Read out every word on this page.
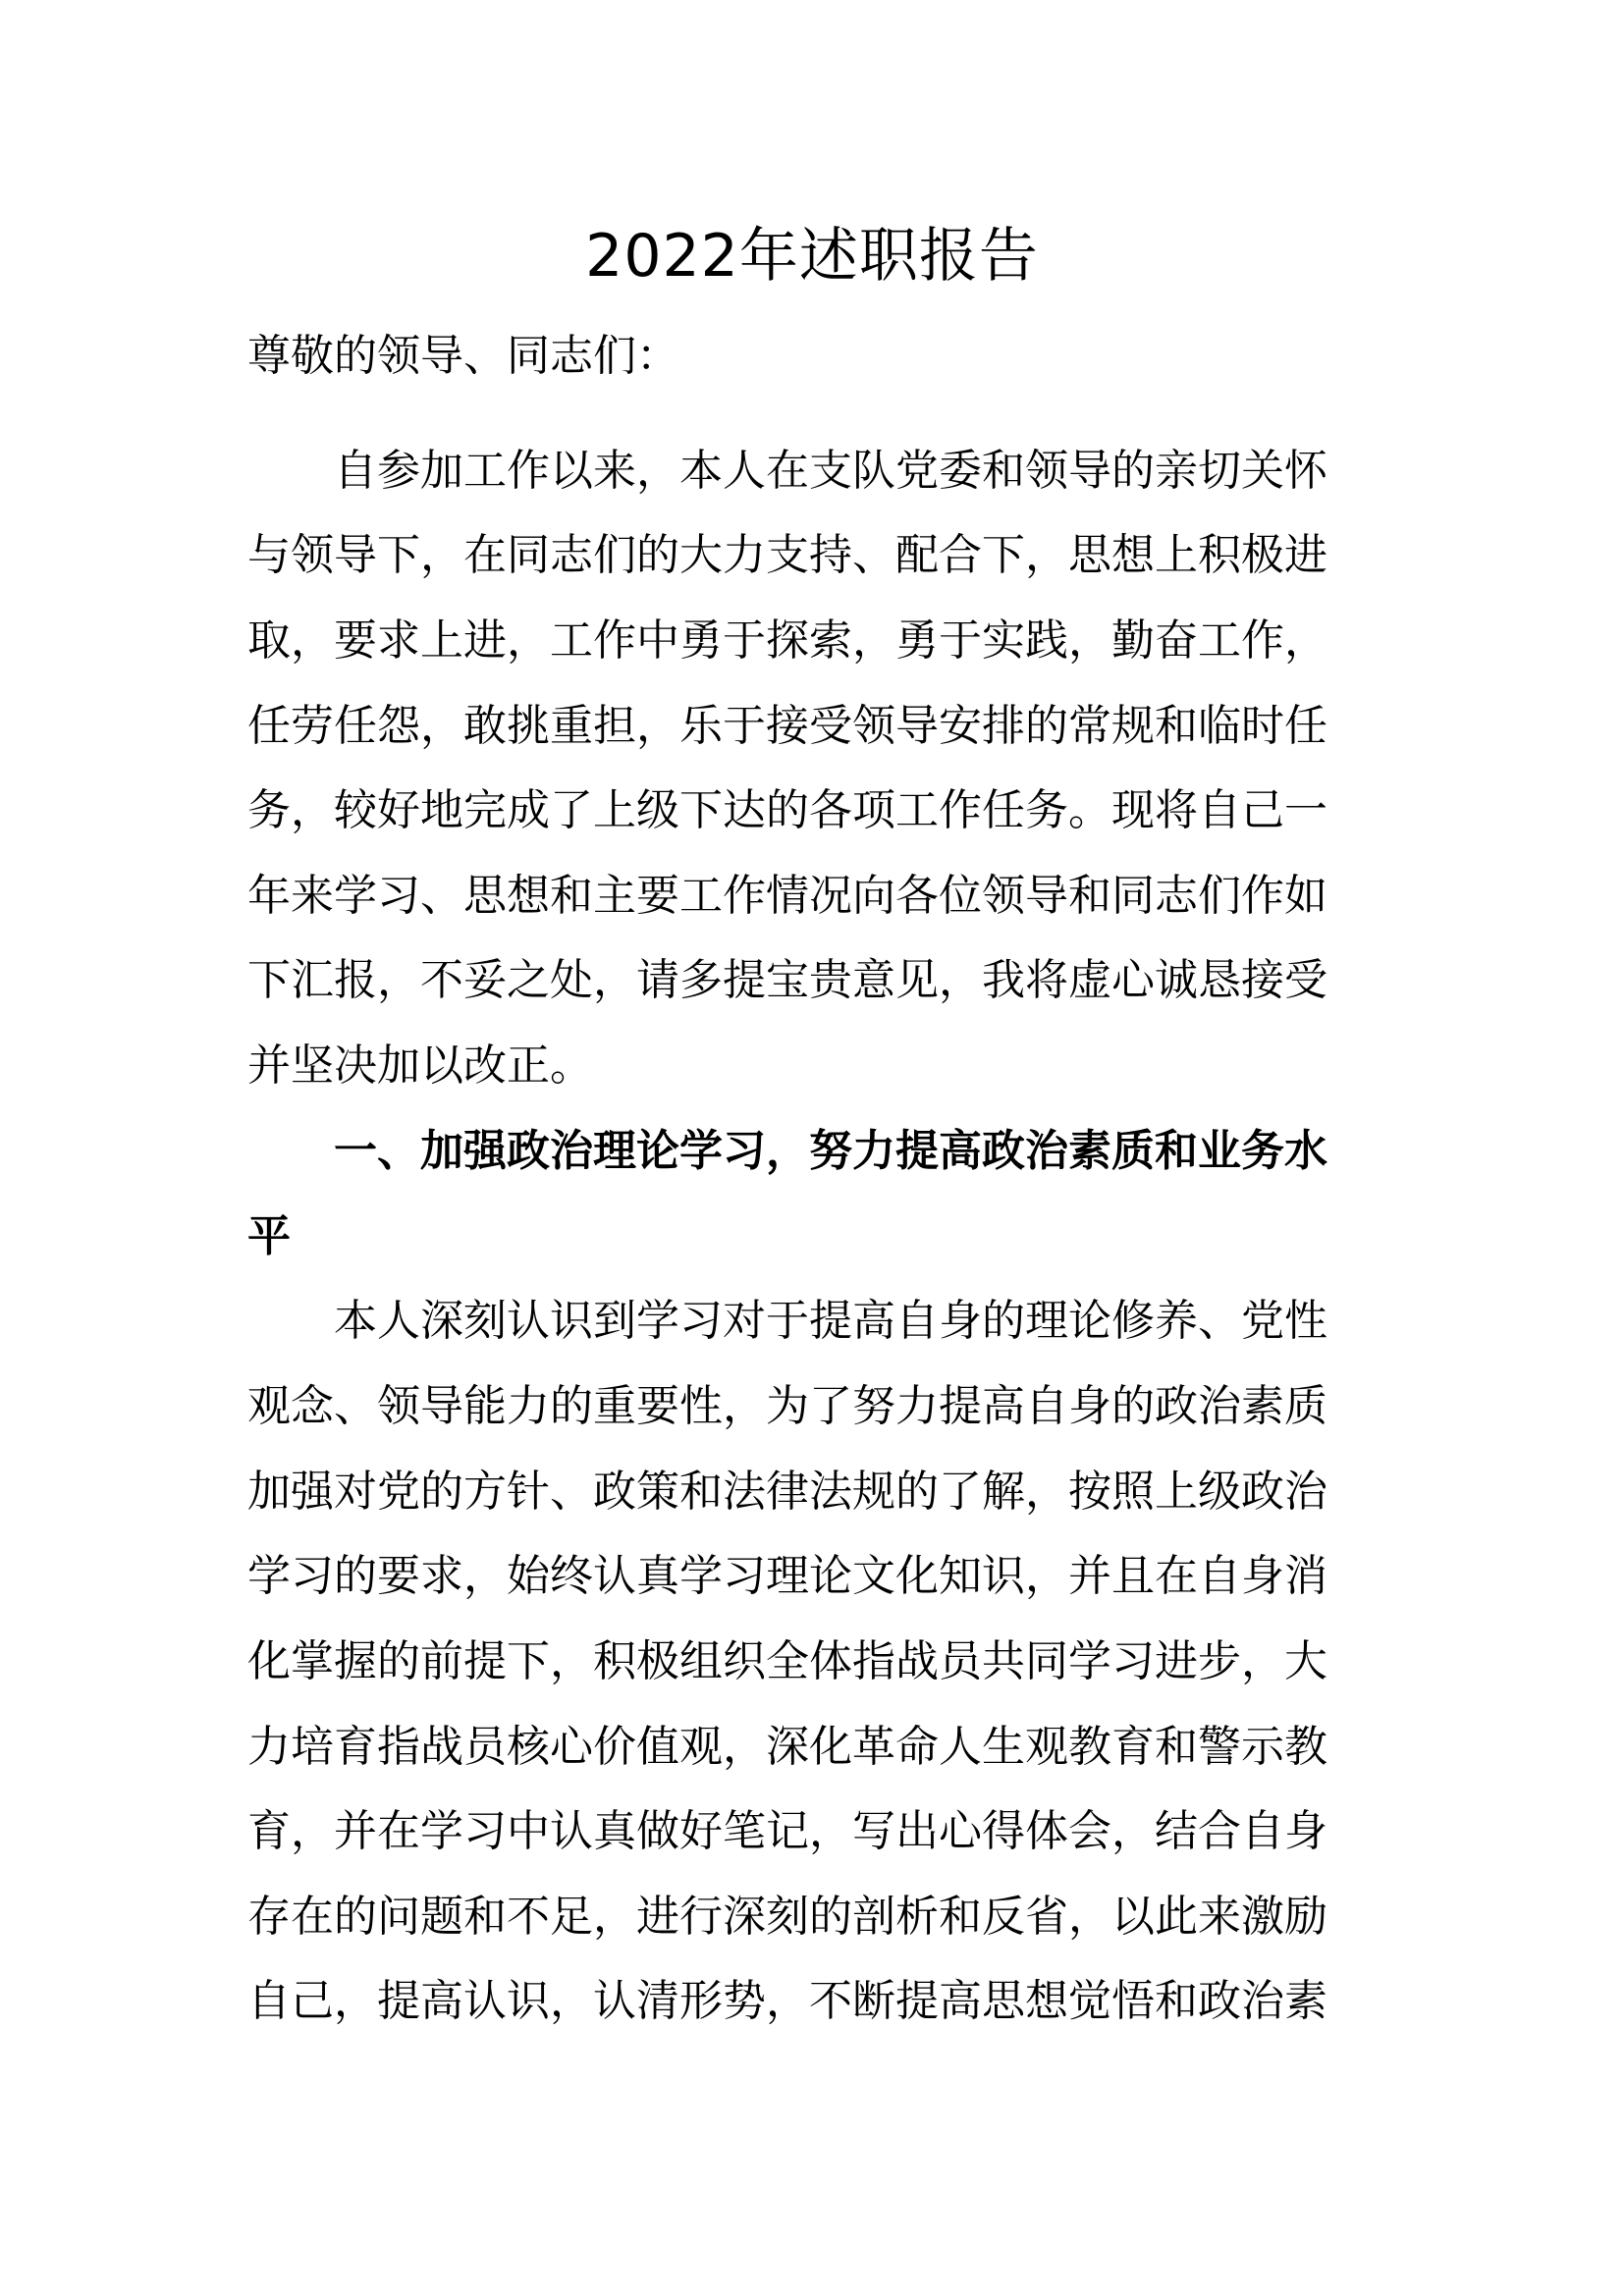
2022年述职报告

尊敬的领导、同志们：

自参加工作以来，本人在支队党委和领导的亲切关怀

与领导下，在同志们的大力支持、配合下，思想上积极进

取，要求上进，工作中勇于探索，勇于实践，勤奋工作，

任劳任怨，敢挑重担，乐于接受领导安排的常规和临时任

务，较好地完成了上级下达的各项工作任务。现将自己一

年来学习、思想和主要工作情况向各位领导和同志们作如

下汇报，不妥之处，请多提宝贵意见，我将虚心诚恳接受

并坚决加以改正。

一、加强政治理论学习，努力提高政治素质和业务水

平

本人深刻认识到学习对于提高自身的理论修养、党性

观念、领导能力的重要性，为了努力提高自身的政治素质

加强对党的方针、政策和法律法规的了解，按照上级政治

学习的要求，始终认真学习理论文化知识，并且在自身消

化掌握的前提下，积极组织全体指战员共同学习进步，大

力培育指战员核心价值观，深化革命人生观教育和警示教

育，并在学习中认真做好笔记，写出心得体会，结合自身

存在的问题和不足，进行深刻的剖析和反省，以此来激励

自己，提高认识，认清形势，不断提高思想觉悟和政治素
